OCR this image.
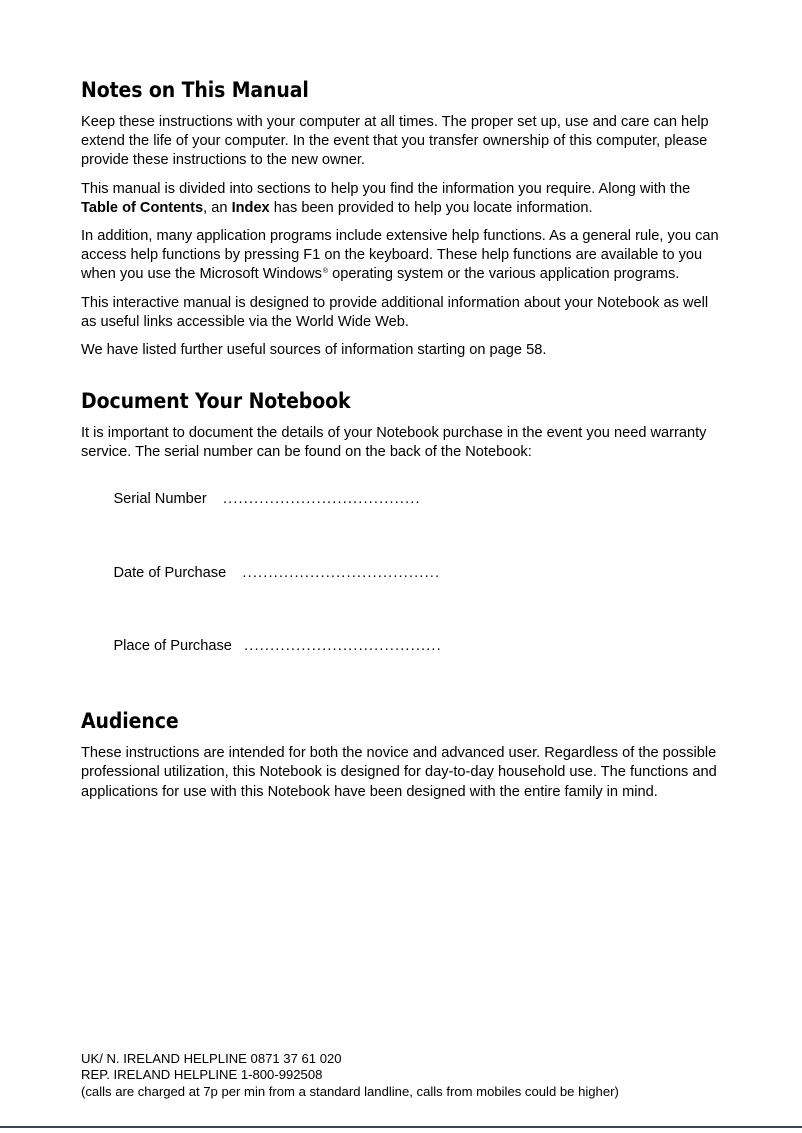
Notes on This Manual

Keep these instructions with your computer at all times. The proper set up, use and care can help extend the life of your computer. In the event that you transfer ownership of this computer, please provide these instructions to the new owner.

This manual is divided into sections to help you find the information you require. Along with the Table of Contents, an Index has been provided to help you locate information.

In addition, many application programs include extensive help functions. As a general rule, you can access help functions by pressing F1 on the keyboard. These help functions are available to you when you use the Microsoft Windows® operating system or the various application programs.

This interactive manual is designed to provide additional information about your Notebook as well as useful links accessible via the World Wide Web.

We have listed further useful sources of information starting on page 58.

Document Your Notebook

It is important to document the details of your Notebook purchase in the event you need warranty service. The serial number can be found on the back of the Notebook:

Serial Number ......................................

Date of Purchase ......................................

Place of Purchase ......................................

Audience

These instructions are intended for both the novice and advanced user. Regardless of the possible professional utilization, this Notebook is designed for day-to-day household use. The functions and applications for use with this Notebook have been designed with the entire family in mind.

UK/ N. IRELAND HELPLINE 0871 37 61 020

REP. IRELAND HELPLINE 1-800-992508

(calls are charged at 7p per min from a standard landline, calls from mobiles could be higher)
